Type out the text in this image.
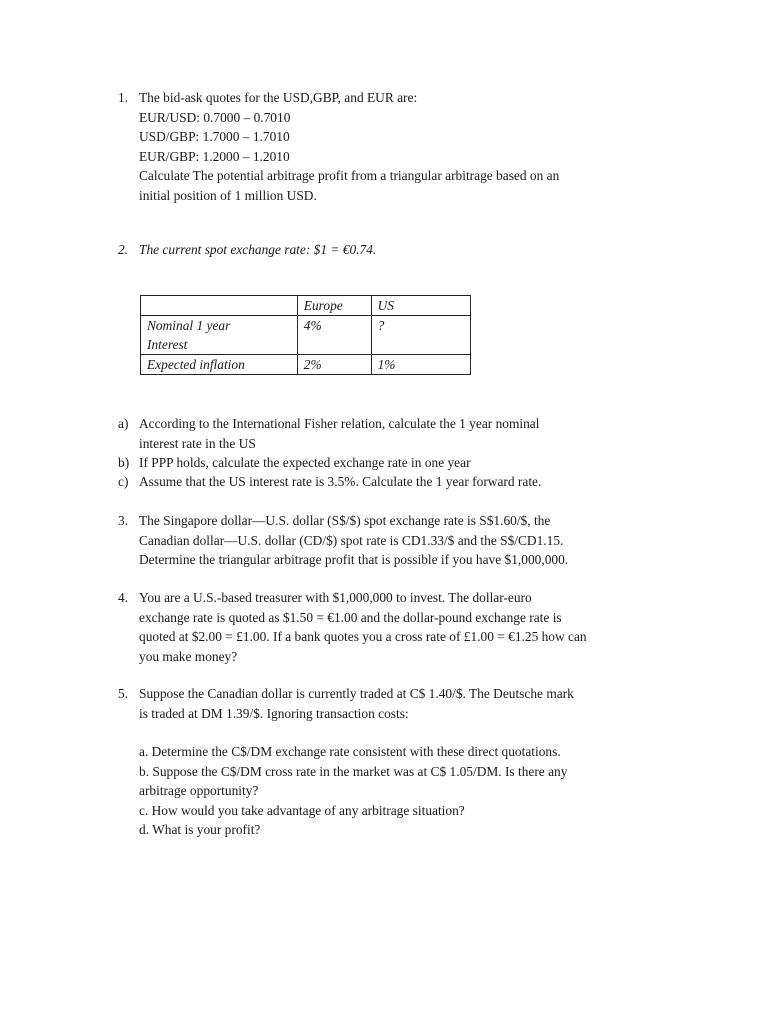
1. The bid-ask quotes for the USD,GBP, and EUR are:
EUR/USD: 0.7000 – 0.7010
USD/GBP: 1.7000 – 1.7010
EUR/GBP: 1.2000 – 1.2010
Calculate The potential arbitrage profit from a triangular arbitrage based on an
initial position of 1 million USD.
2. The current spot exchange rate: $1 = €0.74.
	Europe	US
Nominal 1 year
Interest	4%	?
Expected inflation	2%	1%
a) According to the International Fisher relation, calculate the 1 year nominal
interest rate in the US
b) If PPP holds, calculate the expected exchange rate in one year
c) Assume that the US interest rate is 3.5%. Calculate the 1 year forward rate.
3. The Singapore dollar—U.S. dollar (S$/$) spot exchange rate is S$1.60/$, the
Canadian dollar—U.S. dollar (CD/$) spot rate is CD1.33/$ and the S$/CD1.15.
Determine the triangular arbitrage profit that is possible if you have $1,000,000.
4. You are a U.S.-based treasurer with $1,000,000 to invest. The dollar-euro
exchange rate is quoted as $1.50 = €1.00 and the dollar-pound exchange rate is
quoted at $2.00 = £1.00. If a bank quotes you a cross rate of £1.00 = €1.25 how can
you make money?
5. Suppose the Canadian dollar is currently traded at C$ 1.40/$. The Deutsche mark
is traded at DM 1.39/$. Ignoring transaction costs:
a. Determine the C$/DM exchange rate consistent with these direct quotations.
b. Suppose the C$/DM cross rate in the market was at C$ 1.05/DM. Is there any
arbitrage opportunity?
c. How would you take advantage of any arbitrage situation?
d. What is your profit?
